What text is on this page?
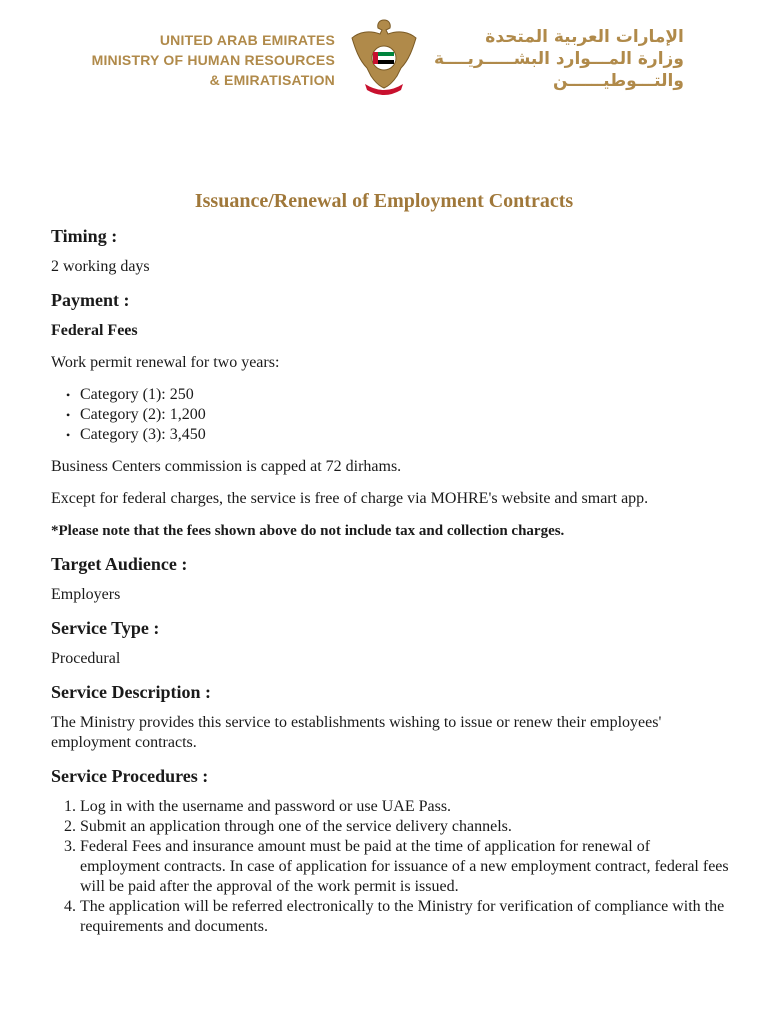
UNITED ARAB EMIRATES
MINISTRY OF HUMAN RESOURCES
& EMIRATISATION
الإمارات العربية المتحدة
وزارة المـــوارد البشـــــريــــة
والتـــوطيــــــن
Issuance/Renewal of Employment Contracts
Timing :

2 working days

Payment :
Federal Fees

Work permit renewal for two years:

• Category (1): 250
• Category (2): 1,200
• Category (3): 3,450

Business Centers commission is capped at 72 dirhams.

Except for federal charges, the service is free of charge via MOHRE's website and smart app.

*Please note that the fees shown above do not include tax and collection charges.

Target Audience :

Employers

Service Type :

Procedural

Service Description :

The Ministry provides this service to establishments wishing to issue or renew their employees' employment contracts.

Service Procedures :
1. Log in with the username and password or use UAE Pass.
2. Submit an application through one of the service delivery channels.
3. Federal Fees and insurance amount must be paid at the time of application for renewal of employment contracts. In case of application for issuance of a new employment contract, federal fees will be paid after the approval of the work permit is issued.
4. The application will be referred electronically to the Ministry for verification of compliance with the requirements and documents.
